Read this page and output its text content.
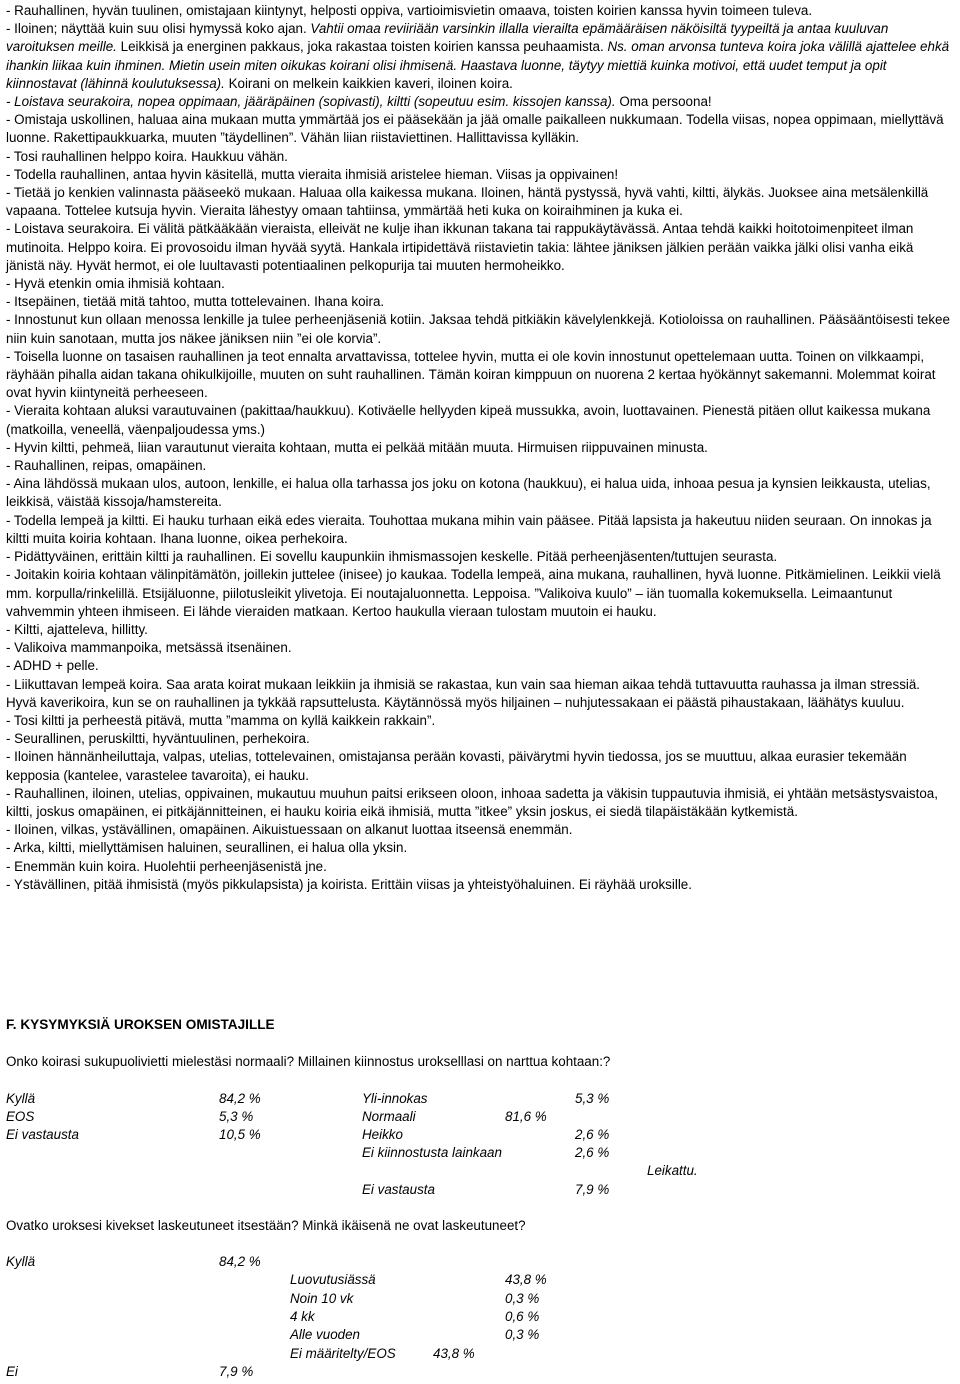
- Rauhallinen, hyvän tuulinen, omistajaan kiintynyt, helposti oppiva, vartioimisvietin omaava, toisten koirien kanssa hyvin toimeen tuleva.

- Iloinen; näyttää kuin suu olisi hymyssä koko ajan. Vahtii omaa reviiriään varsinkin illalla vierailta epämääräisen näköisiltä tyypeiltä ja antaa kuuluvan varoituksen meille. Leikkisä ja energinen pakkaus, joka rakastaa toisten koirien kanssa peuhaamista. Ns. oman arvonsa tunteva koira joka välillä ajattelee ehkä ihankin liikaa kuin ihminen. Mietin usein miten oikukas koirani olisi ihmisenä. Haastava luonne, täytyy miettiä kuinka motivoi, että uudet temput ja opit kiinnostavat (lähinnä koulutuksessa). Koirani on melkein kaikkien kaveri, iloinen koira.

- Loistava seurakoira, nopea oppimaan, jääräpäinen (sopivasti), kiltti (sopeutuu esim. kissojen kanssa). Oma persoona!

- Omistaja uskollinen, haluaa aina mukaan mutta ymmärtää jos ei pääsekään ja jää omalle paikalleen nukkumaan. Todella viisas, nopea oppimaan, miellyttävä luonne. Rakettipaukkuarka, muuten ”täydellinen”. Vähän liian riistaviettinen. Hallittavissa kylläkin.

- Tosi rauhallinen helppo koira. Haukkuu vähän.

- Todella rauhallinen, antaa hyvin käsitellä, mutta vieraita ihmisiä aristelee hieman. Viisas ja oppivainen!

- Tietää jo kenkien valinnasta pääseekö mukaan. Haluaa olla kaikessa mukana. Iloinen, häntä pystyssä, hyvä vahti, kiltti, älykäs. Juoksee aina metsälenkillä vapaana. Tottelee kutsuja hyvin. Vieraita lähestyy omaan tahtiinsa, ymmärtää heti kuka on koiraihminen ja kuka ei.

- Loistava seurakoira. Ei välitä pätkääkään vieraista, elleivät ne kulje ihan ikkunan takana tai rappukäytävässä. Antaa tehdä kaikki hoitotoimenpiteet ilman mutinoita. Helppo koira. Ei provosoidu ilman hyvää syytä. Hankala irtipidettävä riistavietin takia: lähtee jäniksen jälkien perään vaikka jälki olisi vanha eikä jänistä näy. Hyvät hermot, ei ole luultavasti potentiaalinen pelkopurija tai muuten hermoheikko.

- Hyvä etenkin omia ihmisiä kohtaan.

- Itsepäinen, tietää mitä tahtoo, mutta tottelevainen. Ihana koira.

- Innostunut kun ollaan menossa lenkille ja tulee perheenjäseniä kotiin. Jaksaa tehdä pitkiäkin kävelylenkkejä. Kotioloissa on rauhallinen. Pääsääntöisesti tekee niin kuin sanotaan, mutta jos näkee jäniksen niin ”ei ole korvia”.

- Toisella luonne on tasaisen rauhallinen ja teot ennalta arvattavissa, tottelee hyvin, mutta ei ole kovin innostunut opettelemaan uutta. Toinen on vilkkaampi, räyhään pihalla aidan takana ohikulkijoille, muuten on suht rauhallinen. Tämän koiran kimppuun on nuorena 2 kertaa hyökännyt sakemanni. Molemmat koirat ovat hyvin kiintyneitä perheeseen.

- Vieraita kohtaan aluksi varautuvainen (pakittaa/haukkuu). Kotiväelle hellyyden kipeä mussukka, avoin, luottavainen. Pienestä pitäen ollut kaikessa mukana (matkoilla, veneellä, väenpaljoudessa yms.)

- Hyvin kiltti, pehmeä, liian varautunut vieraita kohtaan, mutta ei pelkää mitään muuta. Hirmuisen riippuvainen minusta.

- Rauhallinen, reipas, omapäinen.

- Aina lähdössä mukaan ulos, autoon, lenkille, ei halua olla tarhassa jos joku on kotona (haukkuu), ei halua uida, inhoaa pesua ja kynsien leikkausta, utelias, leikkisä, väistää kissoja/hamstereita.

- Todella lempeä ja kiltti. Ei hauku turhaan eikä edes vieraita. Touhottaa mukana mihin vain pääsee. Pitää lapsista ja hakeutuu niiden seuraan. On innokas ja kiltti muita koiria kohtaan. Ihana luonne, oikea perhekoira.

- Pidättyväinen, erittäin kiltti ja rauhallinen. Ei sovellu kaupunkiin ihmismassojen keskelle. Pitää perheenjäsenten/tuttujen seurasta.

- Joitakin koiria kohtaan välinpitämätön, joillekin juttelee (inisee) jo kaukaa. Todella lempeä, aina mukana, rauhallinen, hyvä luonne. Pitkämielinen. Leikkii vielä mm. korpulla/rinkelillä. Etsijäluonne, piilotusleikit ylivetoja. Ei noutajaluonnetta. Leppoisa. ”Valikoiva kuulo” – iän tuomalla kokemuksella. Leimaantunut vahvemmin yhteen ihmiseen. Ei lähde vieraiden matkaan. Kertoo haukulla vieraan tulostam muutoin ei hauku.

- Kiltti, ajatteleva, hillitty.

- Valikoiva mammanpoika, metsässä itsenäinen.

- ADHD + pelle.

- Liikuttavan lempeä koira. Saa arata koirat mukaan leikkiin ja ihmisiä se rakastaa, kun vain saa hieman aikaa tehdä tuttavuutta rauhassa ja ilman stressiä. Hyvä kaverikoira, kun se on rauhallinen ja tykkää rapsuttelusta. Käytännössä myös hiljainen – nuhjutessakaan ei päästä pihaustakaan, läähätys kuuluu.

- Tosi kiltti ja perheestä pitävä, mutta ”mamma on kyllä kaikkein rakkain”.

- Seurallinen, peruskiltti, hyväntuulinen, perhekoira.

- Iloinen hännänheiluttaja, valpas, utelias, tottelevainen, omistajansa perään kovasti, päivärytmi hyvin tiedossa, jos se muuttuu, alkaa eurasier tekemään kepposia (kantelee, varastelee tavaroita), ei hauku.

- Rauhallinen, iloinen, utelias, oppivainen, mukautuu muuhun paitsi erikseen oloon, inhoaa sadetta ja väkisin tuppautuvia ihmisiä, ei yhtään metsästysvaistoa, kiltti, joskus omapäinen, ei pitkäjännitteinen, ei hauku koiria eikä ihmisiä, mutta ”itkee” yksin joskus, ei siedä tilapäistäkään kytkemistä.

- Iloinen, vilkas, ystävällinen, omapäinen. Aikuistuessaan on alkanut luottaa itseensä enemmän.

- Arka, kiltti, miellyttämisen haluinen, seurallinen, ei halua olla yksin.

- Enemmän kuin koira. Huolehtii perheenjäsenistä jne.

- Ystävällinen, pitää ihmisistä (myös pikkulapsista) ja koirista. Erittäin viisas ja yhteistyöhaluinen. Ei räyhää uroksille.

F. KYSYMYKSIÄ UROKSEN OMISTAJILLE

Onko koirasi sukupuolivietti mielestäsi normaali? Millainen kiinnostus urokselllasi on narttua kohtaan:?

Kyllä	84,2 %
EOS	5,3 %
Ei vastausta	10,5 %
Yli-innokas	5,3 %
Normaali	81,6 %
Heikko	2,6 %
Ei kiinnostusta lainkaan	2,6 %
Leikattu.
Ei vastausta	7,9 %

Ovatko uroksesi kivekset laskeutuneet itsestään? Minkä ikäisenä ne ovat laskeutuneet?

Kyllä	84,2 %
Luovutusiässä	43,8 %
Noin 10 vk	0,3 %
4 kk	0,6 %
Alle vuoden	0,3 %
Ei määritelty/EOS	43,8 %
Ei	7,9 %
